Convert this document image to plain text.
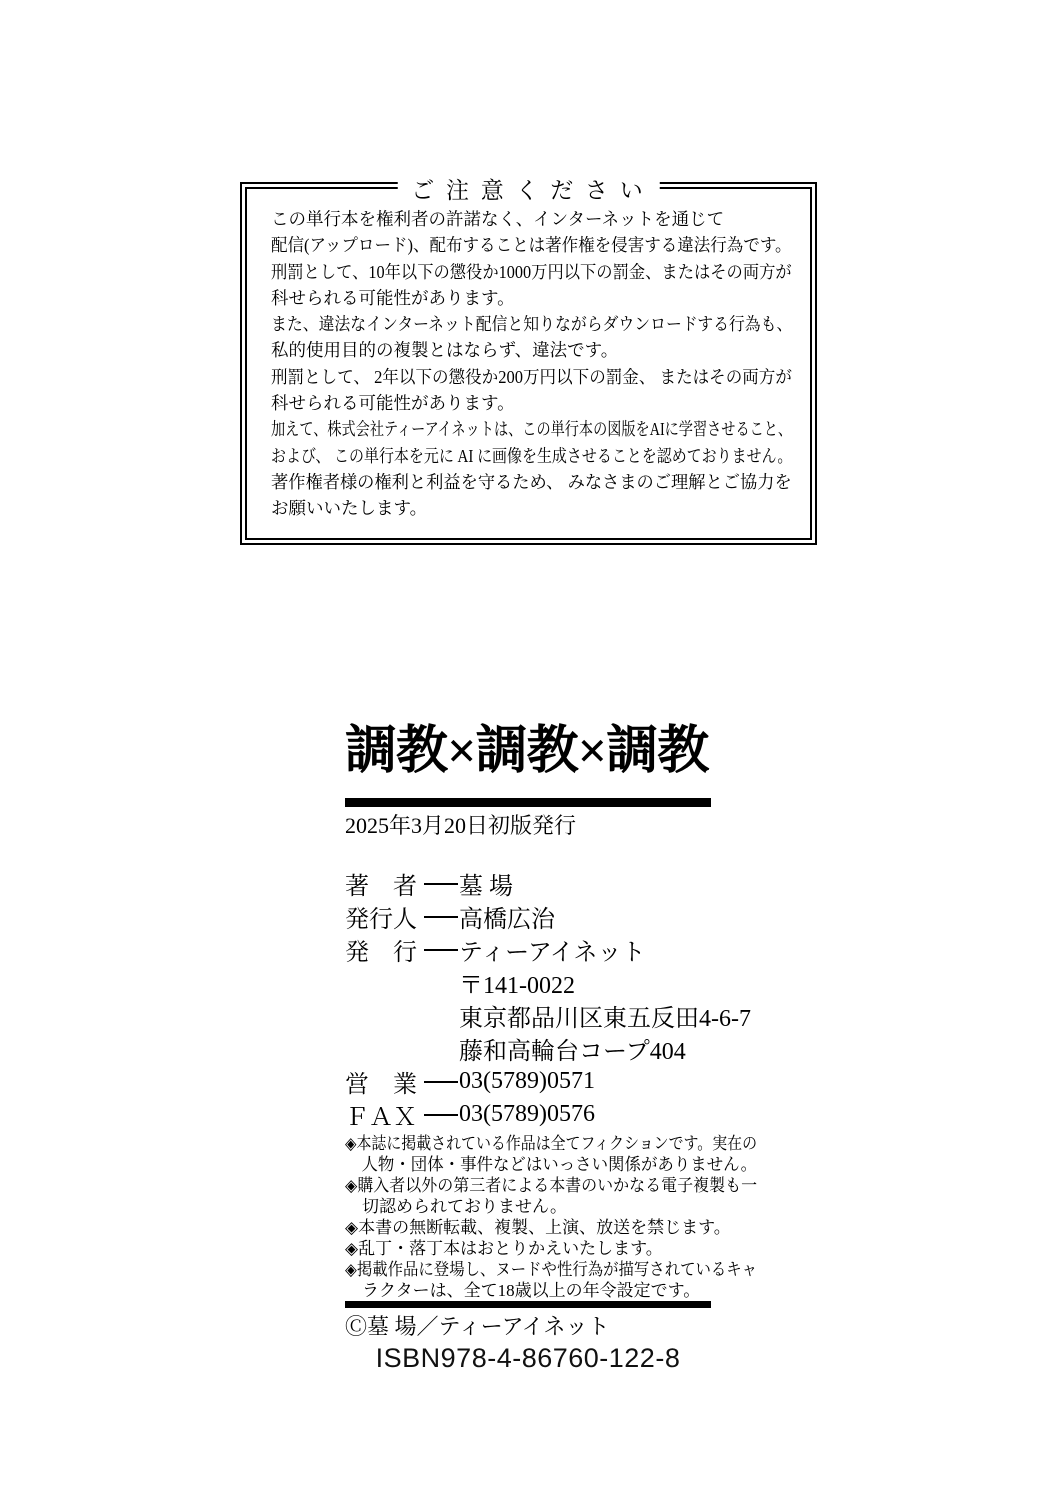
ご 注 意 く だ さ い
この単行本を権利者の許諾なく、インターネットを通じて
配信(アップロード)、配布することは著作権を侵害する違法行為です。
刑罰として、10年以下の懲役か1000万円以下の罰金、またはその両方が
科せられる可能性があります。
また、違法なインターネット配信と知りながらダウンロードする行為も、
私的使用目的の複製とはならず、違法です。
刑罰として、 2年以下の懲役か200万円以下の罰金、 またはその両方が
科せられる可能性があります。
加えて、株式会社ティーアイネットは、この単行本の図版をAIに学習させること、
および、 この単行本を元に AI に画像を生成させることを認めておりません。
著作権者様の権利と利益を守るため、 みなさまのご理解とご協力を
お願いいたします。
調教×調教×調教
2025年3月20日初版発行
著　者 墓 場
発行人 高橋広治
発　行 ティーアイネット
〒141-0022
東京都品川区東五反田4-6-7
藤和高輪台コープ404
営　業 03(5789)0571
ＦＡＸ 03(5789)0576
◈本誌に掲載されている作品は全てフィクションです。実在の
人物・団体・事件などはいっさい関係がありません。
◈購入者以外の第三者による本書のいかなる電子複製も一
切認められておりません。
◈本書の無断転載、複製、上演、放送を禁じます。
◈乱丁・落丁本はおとりかえいたします。
◈掲載作品に登場し、ヌードや性行為が描写されているキャ
ラクターは、全て18歳以上の年令設定です。
Ⓒ墓 場／ティーアイネット
ISBN978-4-86760-122-8
